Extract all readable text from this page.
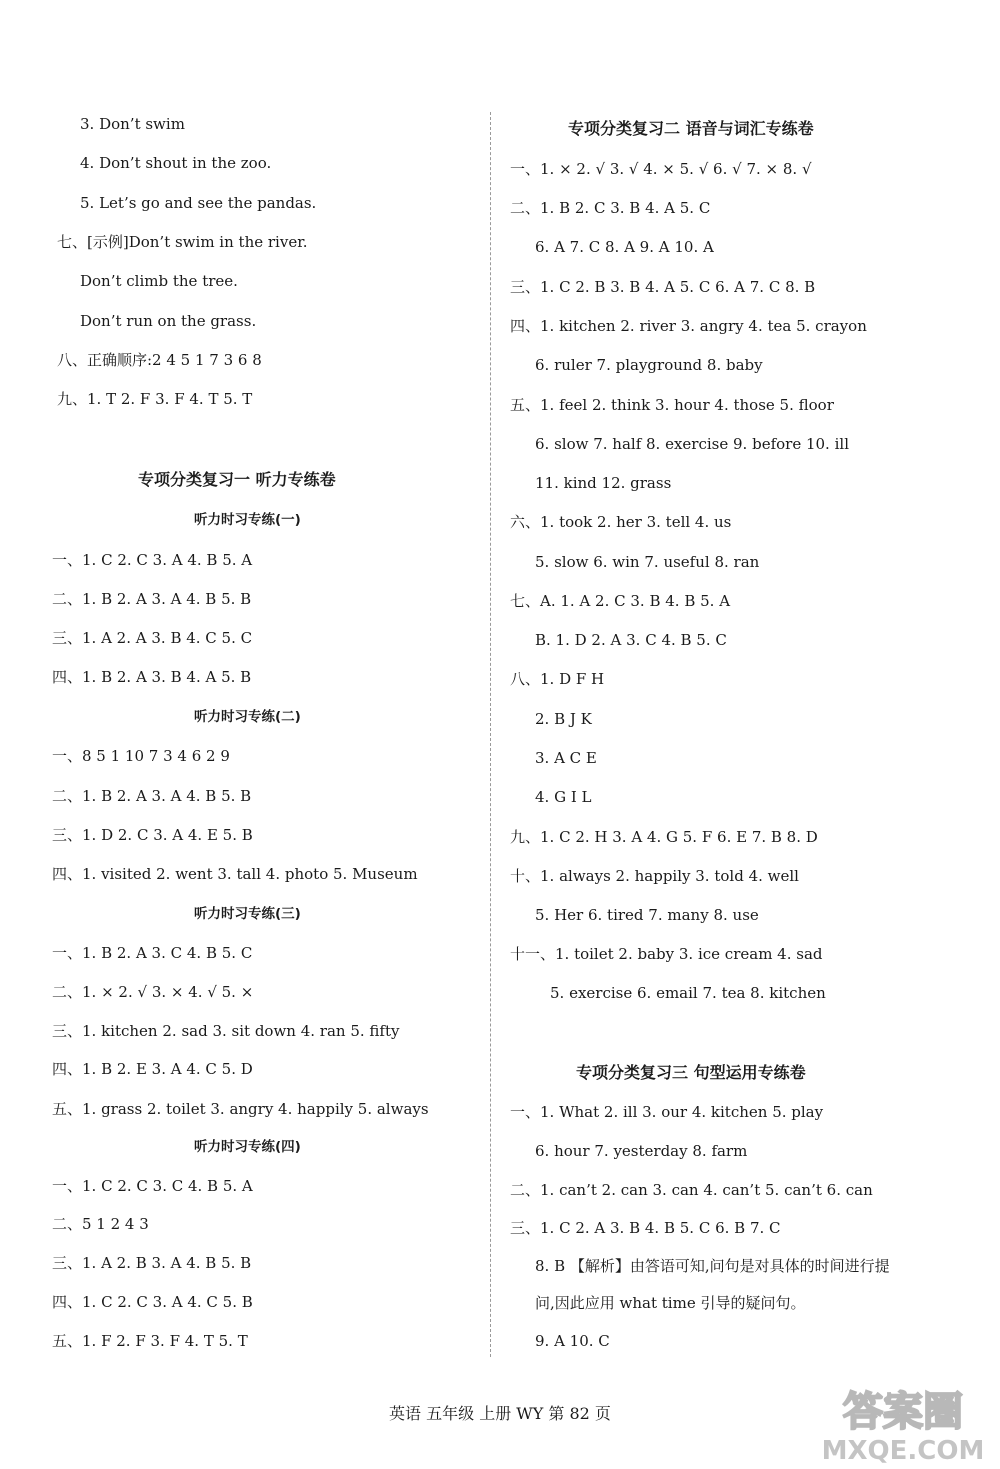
3. Don’t swim
4. Don’t shout in the zoo.
5. Let’s go and see the pandas.
七、[示例]Don’t swim in the river.
Don’t climb the tree.
Don’t run on the grass.
八、正确顺序:2 4 5 1 7 3 6 8
九、1. T 2. F 3. F 4. T 5. T
专项分类复习一 听力专练卷
听力时习专练(一)
一、1. C 2. C 3. A 4. B 5. A
二、1. B 2. A 3. A 4. B 5. B
三、1. A 2. A 3. B 4. C 5. C
四、1. B 2. A 3. B 4. A 5. B
听力时习专练(二)
一、8 5 1 10 7 3 4 6 2 9
二、1. B 2. A 3. A 4. B 5. B
三、1. D 2. C 3. A 4. E 5. B
四、1. visited 2. went 3. tall 4. photo 5. Museum
听力时习专练(三)
一、1. B 2. A 3. C 4. B 5. C
二、1. × 2. √ 3. × 4. √ 5. ×
三、1. kitchen 2. sad 3. sit down 4. ran 5. fifty
四、1. B 2. E 3. A 4. C 5. D
五、1. grass 2. toilet 3. angry 4. happily 5. always
听力时习专练(四)
一、1. C 2. C 3. C 4. B 5. A
二、5 1 2 4 3
三、1. A 2. B 3. A 4. B 5. B
四、1. C 2. C 3. A 4. C 5. B
五、1. F 2. F 3. F 4. T 5. T
专项分类复习二 语音与词汇专练卷
一、1. × 2. √ 3. √ 4. × 5. √ 6. √ 7. × 8. √
二、1. B 2. C 3. B 4. A 5. C
6. A 7. C 8. A 9. A 10. A
三、1. C 2. B 3. B 4. A 5. C 6. A 7. C 8. B
四、1. kitchen 2. river 3. angry 4. tea 5. crayon
6. ruler 7. playground 8. baby
五、1. feel 2. think 3. hour 4. those 5. floor
6. slow 7. half 8. exercise 9. before 10. ill
11. kind 12. grass
六、1. took 2. her 3. tell 4. us
5. slow 6. win 7. useful 8. ran
七、A. 1. A 2. C 3. B 4. B 5. A
B. 1. D 2. A 3. C 4. B 5. C
八、1. D F H
2. B J K
3. A C E
4. G I L
九、1. C 2. H 3. A 4. G 5. F 6. E 7. B 8. D
十、1. always 2. happily 3. told 4. well
5. Her 6. tired 7. many 8. use
十一、1. toilet 2. baby 3. ice cream 4. sad
5. exercise 6. email 7. tea 8. kitchen
专项分类复习三 句型运用专练卷
一、1. What 2. ill 3. our 4. kitchen 5. play
6. hour 7. yesterday 8. farm
二、1. can’t 2. can 3. can 4. can’t 5. can’t 6. can
三、1. C 2. A 3. B 4. B 5. C 6. B 7. C
8. B 【解析】由答语可知,问句是对具体的时间进行提
问,因此应用 what time 引导的疑问句。
9. A 10. C
英语 五年级 上册 WY 第 82 页	答案圈
MXQE.COM
